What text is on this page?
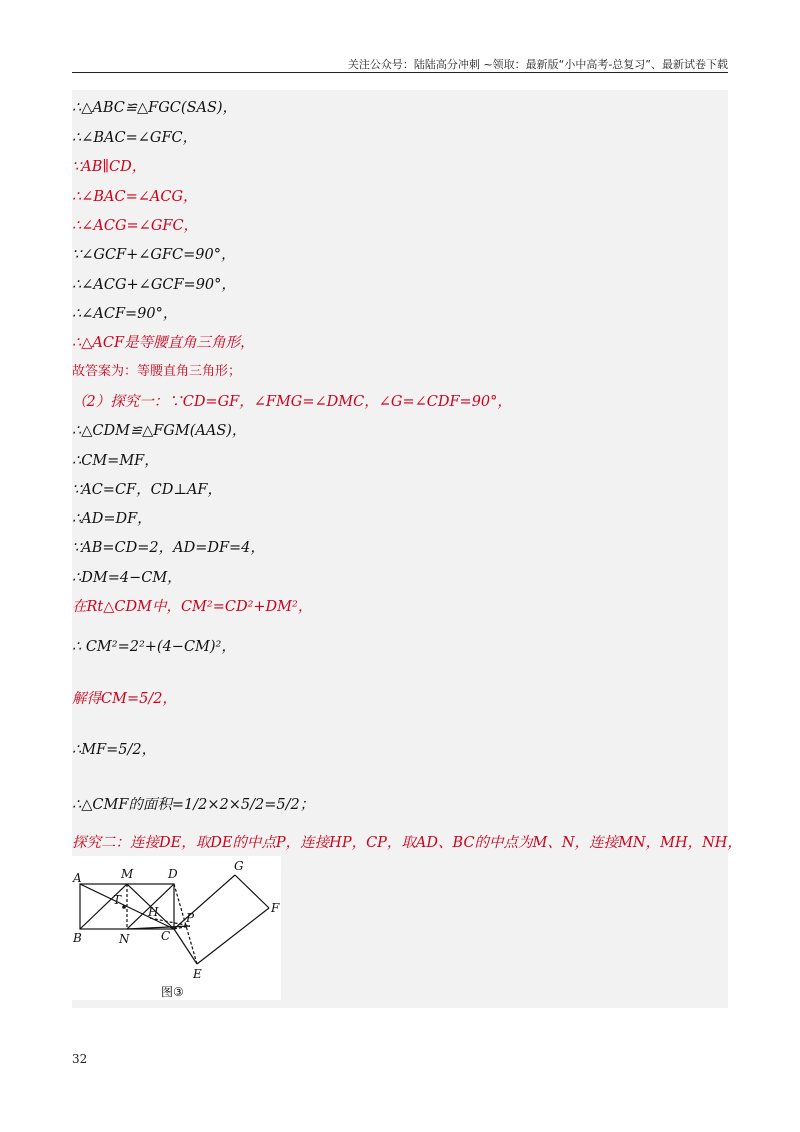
关注公众号：陆陆高分冲刺 ~领取：最新版“小中高考-总复习”、最新试卷下载
∴△ABC≌△FGC(SAS)，
∴∠BAC=∠GFC，
∵AB∥CD，
∴∠BAC=∠ACG，
∴∠ACG=∠GFC，
∵∠GCF+∠GFC=90°，
∴∠ACG+∠GCF=90°，
∴∠ACF=90°，
∴△ACF是等腰直角三角形，
故答案为：等腰直角三角形；
（2）探究一：∵CD=GF，∠FMG=∠DMC，∠G=∠CDF=90°，
∴△CDM≌△FGM(AAS)，
∴CM=MF，
∵AC=CF，CD⊥AF，
∴AD=DF，
∵AB=CD=2，AD=DF=4，
∴DM=4−CM，
在Rt△CDM中，CM²=CD²+DM²，
∴ CM²=2²+(4−CM)²，
解得CM=5/2，
∴MF=5/2，
∴△CMF的面积=1/2×2×5/2=5/2；
探究二：连接DE，取DE的中点P，连接HP，CP，取AD、BC的中点为M、N，连接MN，MH，NH，
A	M	D
G
T
H P
F
B	N	C
E
图③
32
